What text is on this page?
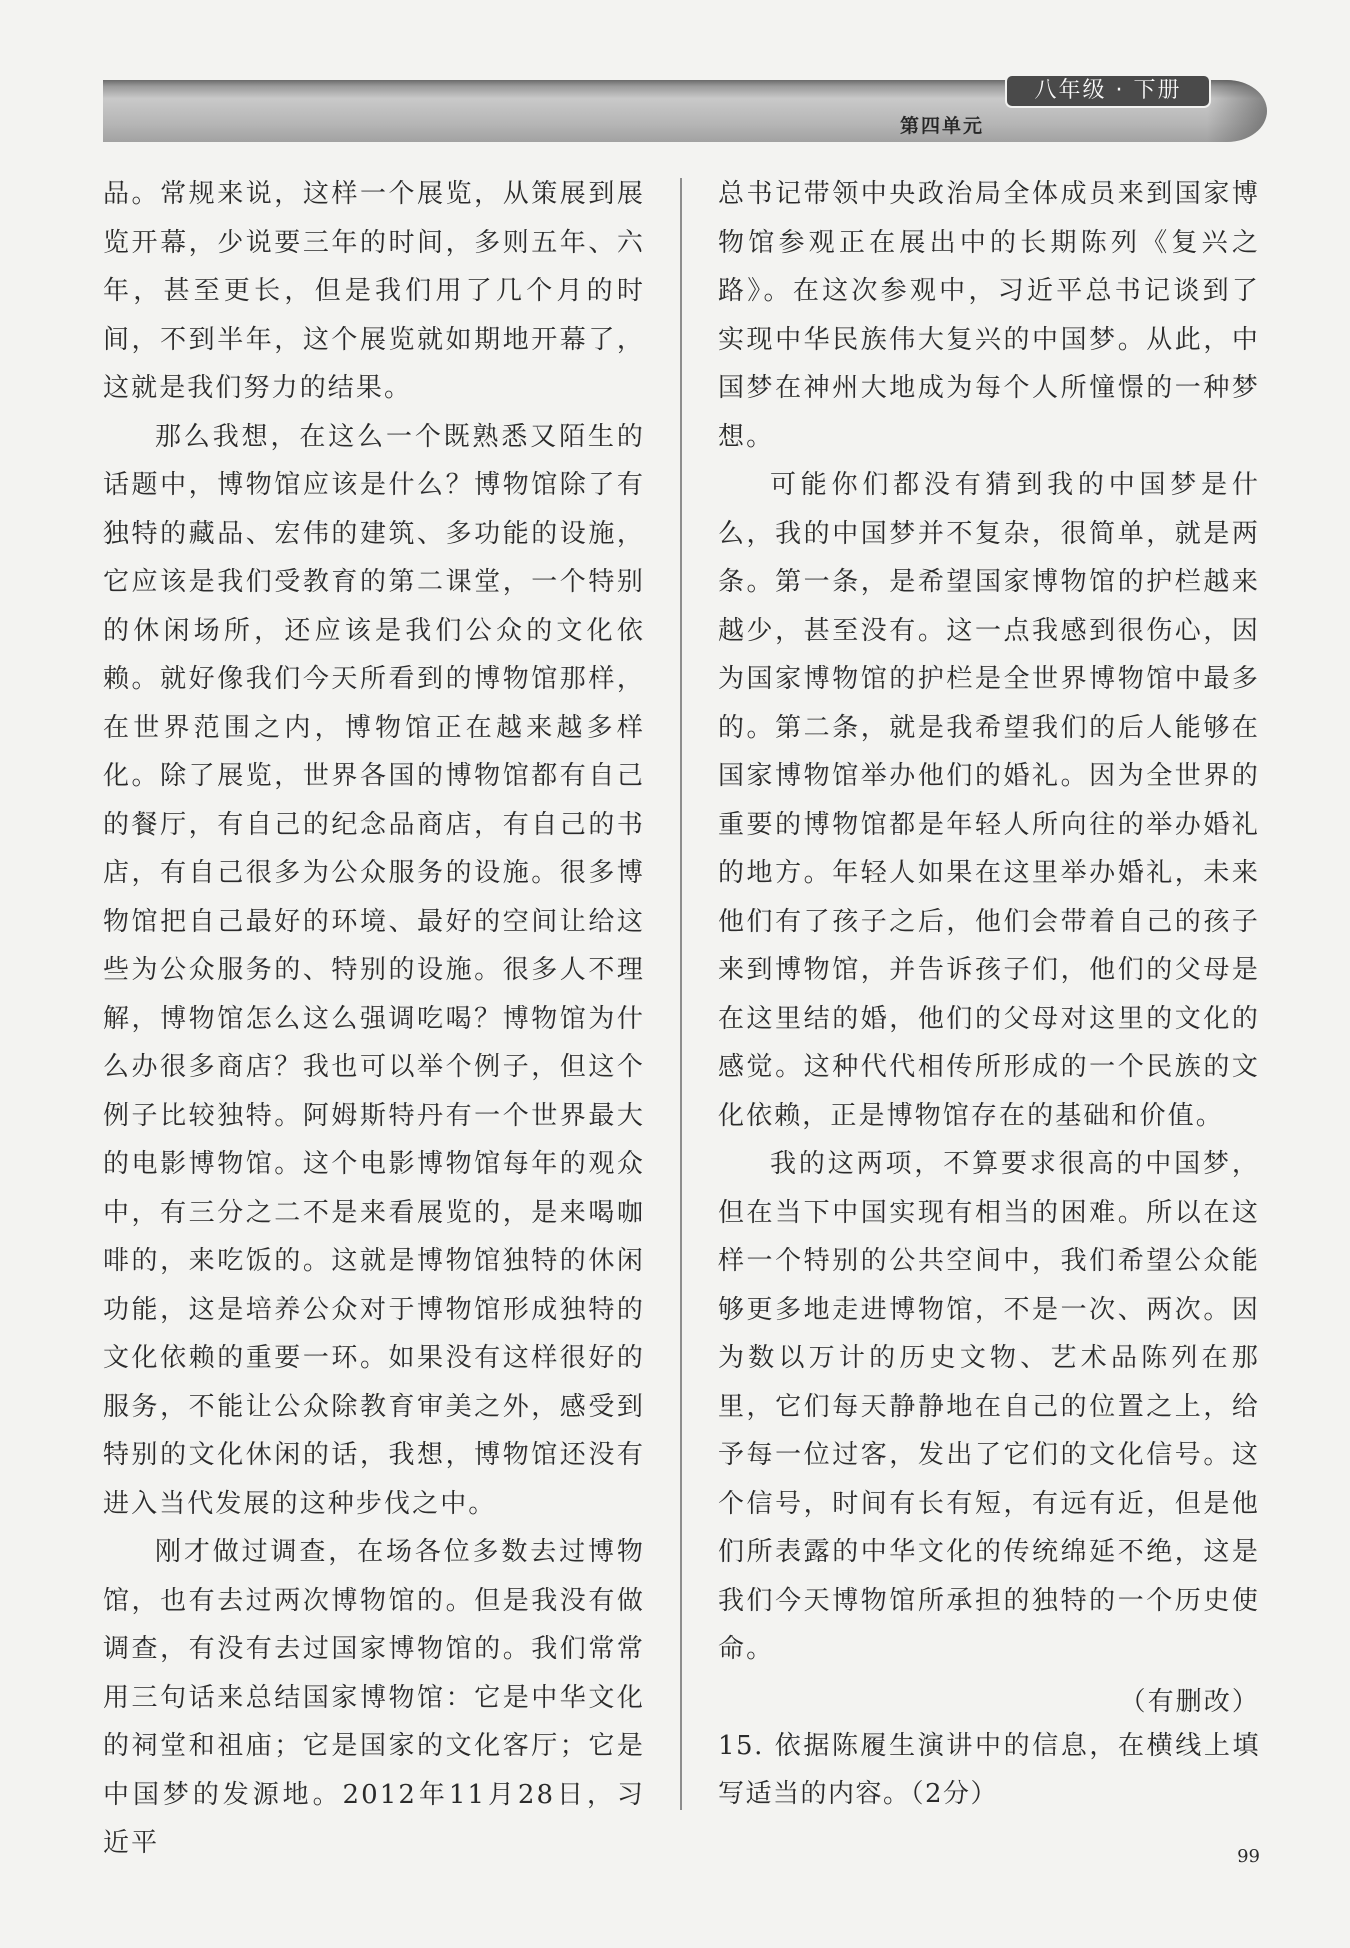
八年级 · 下册
第四单元

品。常规来说，这样一个展览，从策展到展览开幕，少说要三年的时间，多则五年、六年，甚至更长，但是我们用了几个月的时间，不到半年，这个展览就如期地开幕了，这就是我们努力的结果。

那么我想，在这么一个既熟悉又陌生的话题中，博物馆应该是什么？博物馆除了有独特的藏品、宏伟的建筑、多功能的设施，它应该是我们受教育的第二课堂，一个特别的休闲场所，还应该是我们公众的文化依赖。就好像我们今天所看到的博物馆那样，在世界范围之内，博物馆正在越来越多样化。除了展览，世界各国的博物馆都有自己的餐厅，有自己的纪念品商店，有自己的书店，有自己很多为公众服务的设施。很多博物馆把自己最好的环境、最好的空间让给这些为公众服务的、特别的设施。很多人不理解，博物馆怎么这么强调吃喝？博物馆为什么办很多商店？我也可以举个例子，但这个例子比较独特。阿姆斯特丹有一个世界最大的电影博物馆。这个电影博物馆每年的观众中，有三分之二不是来看展览的，是来喝咖啡的，来吃饭的。这就是博物馆独特的休闲功能，这是培养公众对于博物馆形成独特的文化依赖的重要一环。如果没有这样很好的服务，不能让公众除教育审美之外，感受到特别的文化休闲的话，我想，博物馆还没有进入当代发展的这种步伐之中。

刚才做过调查，在场各位多数去过博物馆，也有去过两次博物馆的。但是我没有做调查，有没有去过国家博物馆的。我们常常用三句话来总结国家博物馆：它是中华文化的祠堂和祖庙；它是国家的文化客厅；它是中国梦的发源地。2012年11月28日，习近平

总书记带领中央政治局全体成员来到国家博物馆参观正在展出中的长期陈列《复兴之路》。在这次参观中，习近平总书记谈到了实现中华民族伟大复兴的中国梦。从此，中国梦在神州大地成为每个人所憧憬的一种梦想。

可能你们都没有猜到我的中国梦是什么，我的中国梦并不复杂，很简单，就是两条。第一条，是希望国家博物馆的护栏越来越少，甚至没有。这一点我感到很伤心，因为国家博物馆的护栏是全世界博物馆中最多的。第二条，就是我希望我们的后人能够在国家博物馆举办他们的婚礼。因为全世界的重要的博物馆都是年轻人所向往的举办婚礼的地方。年轻人如果在这里举办婚礼，未来他们有了孩子之后，他们会带着自己的孩子来到博物馆，并告诉孩子们，他们的父母是在这里结的婚，他们的父母对这里的文化的感觉。这种代代相传所形成的一个民族的文化依赖，正是博物馆存在的基础和价值。

我的这两项，不算要求很高的中国梦，但在当下中国实现有相当的困难。所以在这样一个特别的公共空间中，我们希望公众能够更多地走进博物馆，不是一次、两次。因为数以万计的历史文物、艺术品陈列在那里，它们每天静静地在自己的位置之上，给予每一位过客，发出了它们的文化信号。这个信号，时间有长有短，有远有近，但是他们所表露的中华文化的传统绵延不绝，这是我们今天博物馆所承担的独特的一个历史使命。

（有删改）

15. 依据陈履生演讲中的信息，在横线上填写适当的内容。（2分）
99
